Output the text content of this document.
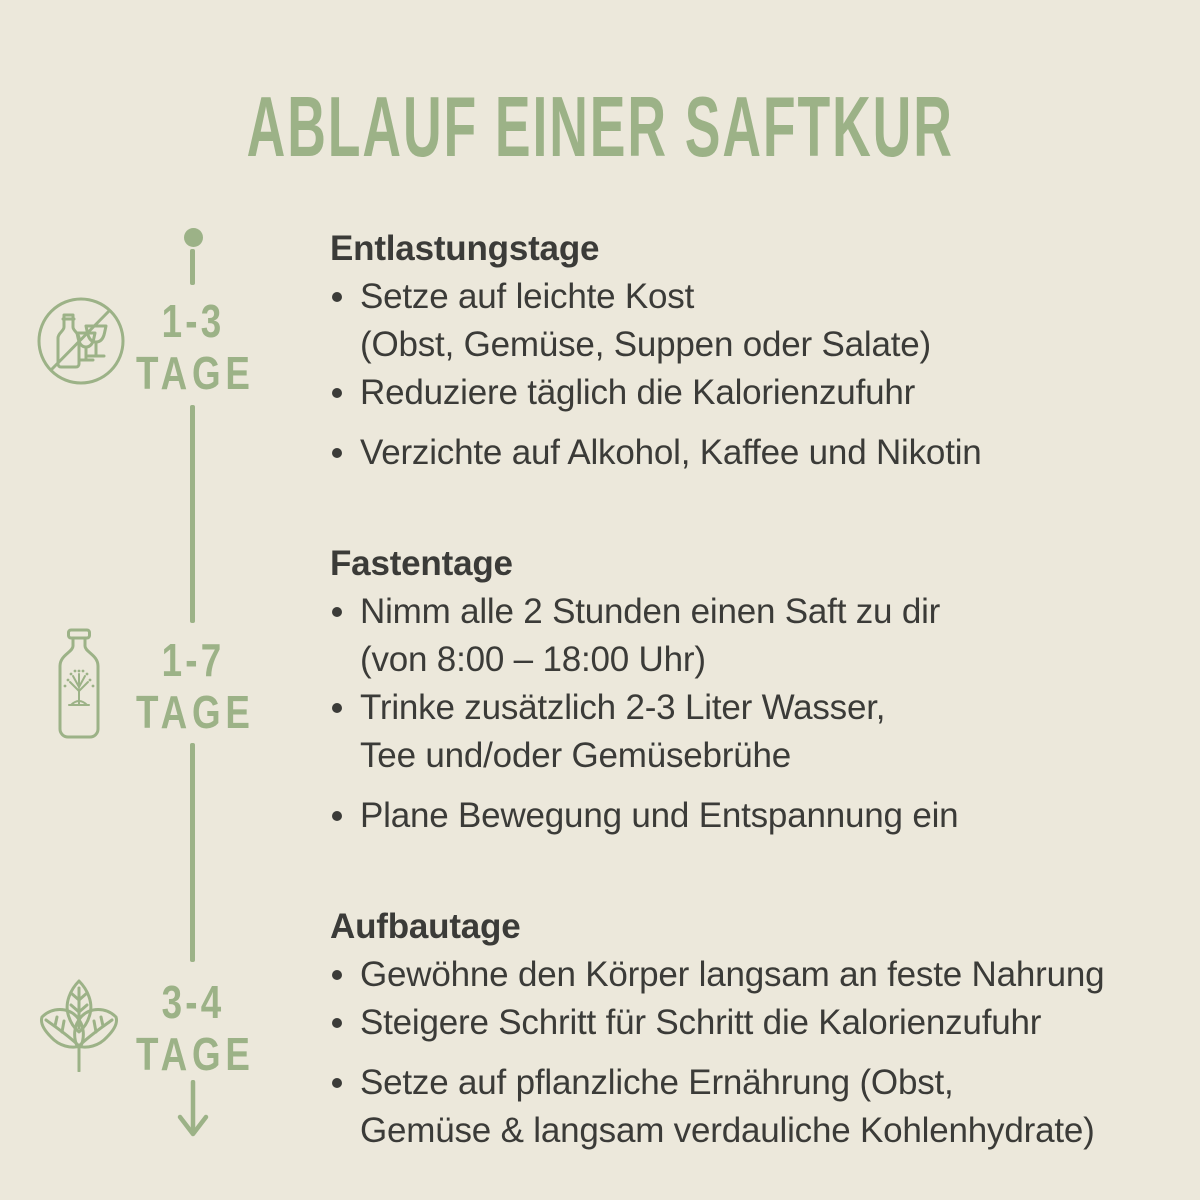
ABLAUF EINER SAFTKUR
1-3
TAGE
1-7
TAGE
3-4
TAGE
Entlastungstage
Setze auf leichte Kost
(Obst, Gemüse, Suppen oder Salate)
Reduziere täglich die Kalorienzufuhr
Verzichte auf Alkohol, Kaffee und Nikotin
Fastentage
Nimm alle 2 Stunden einen Saft zu dir
(von 8:00 – 18:00 Uhr)
Trinke zusätzlich 2-3 Liter Wasser,
Tee und/oder Gemüsebrühe
Plane Bewegung und Entspannung ein
Aufbautage
Gewöhne den Körper langsam an feste Nahrung
Steigere Schritt für Schritt die Kalorienzufuhr
Setze auf pflanzliche Ernährung (Obst,
Gemüse & langsam verdauliche Kohlenhydrate)
